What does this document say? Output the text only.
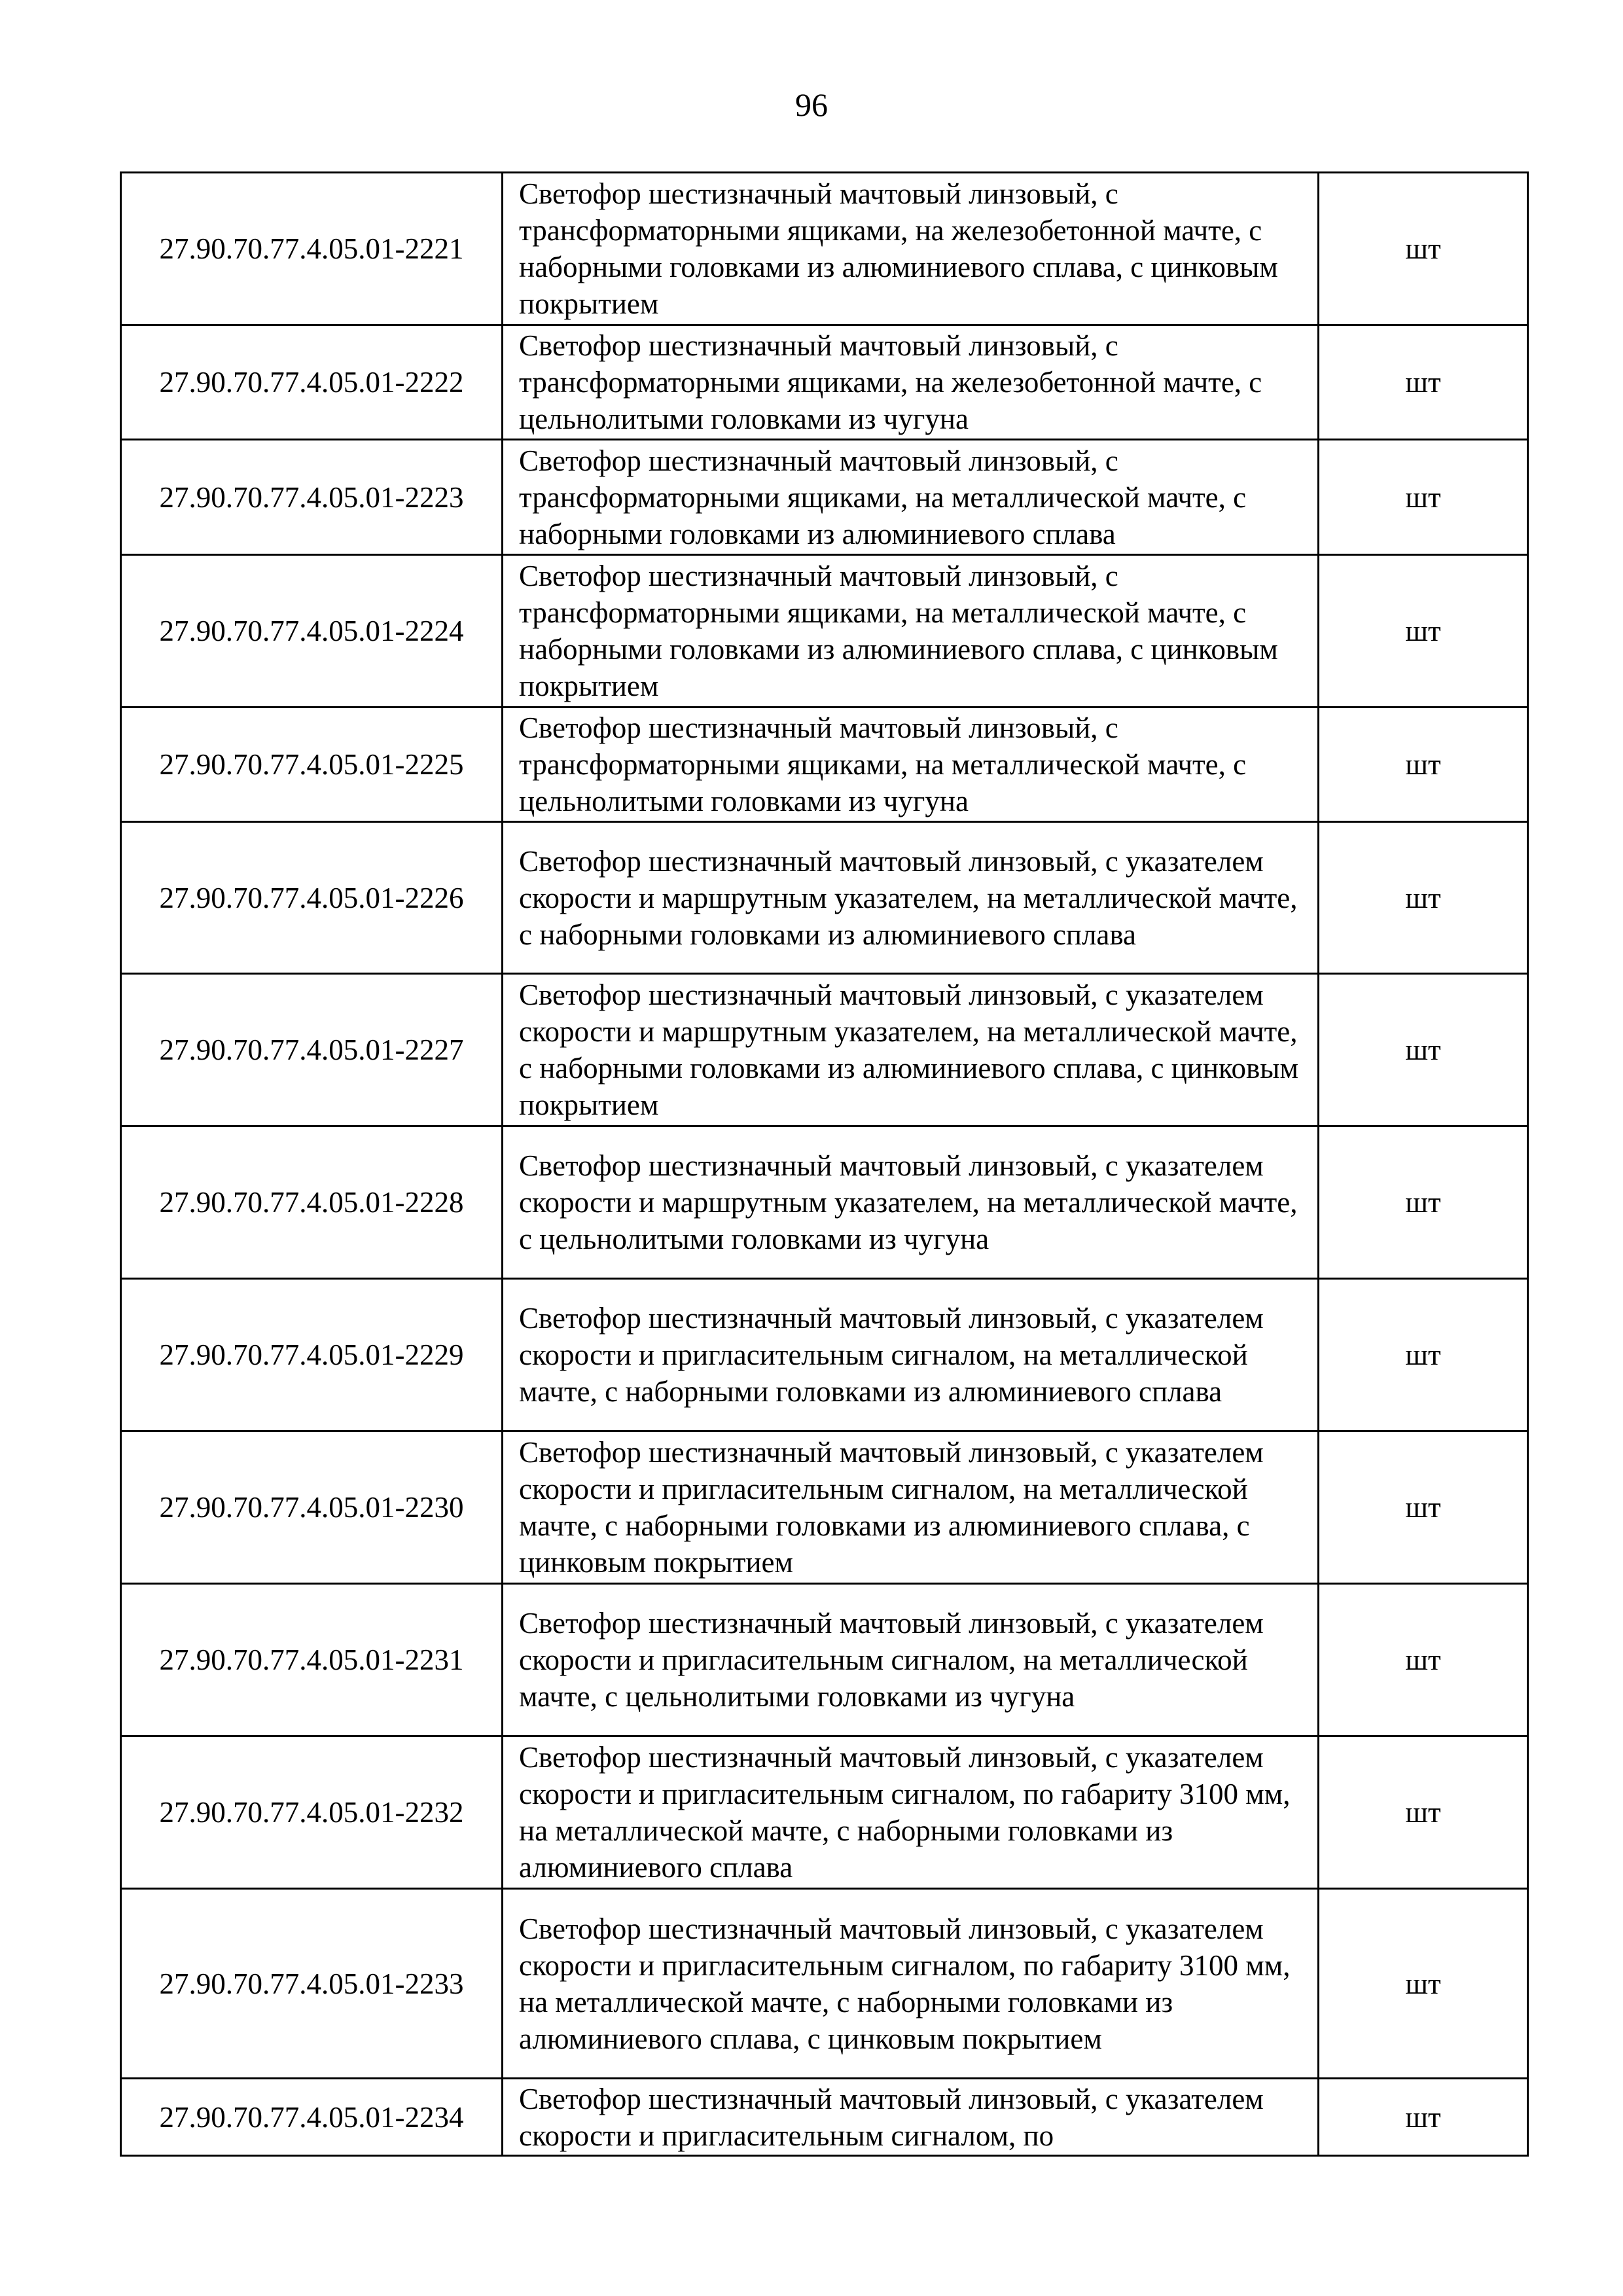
96
27.90.70.77.4.05.01-2221	Светофор шестизначный мачтовый линзовый, с трансформаторными ящиками, на железобетонной мачте, с наборными головками из алюминиевого сплава, с цинковым покрытием	шт
27.90.70.77.4.05.01-2222	Светофор шестизначный мачтовый линзовый, с трансформаторными ящиками, на железобетонной мачте, с цельнолитыми головками из чугуна	шт
27.90.70.77.4.05.01-2223	Светофор шестизначный мачтовый линзовый, с трансформаторными ящиками, на металлической мачте, с наборными головками из алюминиевого сплава	шт
27.90.70.77.4.05.01-2224	Светофор шестизначный мачтовый линзовый, с трансформаторными ящиками, на металлической мачте, с наборными головками из алюминиевого сплава, с цинковым покрытием	шт
27.90.70.77.4.05.01-2225	Светофор шестизначный мачтовый линзовый, с трансформаторными ящиками, на металлической мачте, с цельнолитыми головками из чугуна	шт
27.90.70.77.4.05.01-2226	Светофор шестизначный мачтовый линзовый, с указателем скорости и маршрутным указателем, на металлической мачте, с наборными головками из алюминиевого сплава	шт
27.90.70.77.4.05.01-2227	Светофор шестизначный мачтовый линзовый, с указателем скорости и маршрутным указателем, на металлической мачте, с наборными головками из алюминиевого сплава, с цинковым покрытием	шт
27.90.70.77.4.05.01-2228	Светофор шестизначный мачтовый линзовый, с указателем скорости и маршрутным указателем, на металлической мачте, с цельнолитыми головками из чугуна	шт
27.90.70.77.4.05.01-2229	Светофор шестизначный мачтовый линзовый, с указателем скорости и пригласительным сигналом, на металлической мачте, с наборными головками из алюминиевого сплава	шт
27.90.70.77.4.05.01-2230	Светофор шестизначный мачтовый линзовый, с указателем скорости и пригласительным сигналом, на металлической мачте, с наборными головками из алюминиевого сплава, с цинковым покрытием	шт
27.90.70.77.4.05.01-2231	Светофор шестизначный мачтовый линзовый, с указателем скорости и пригласительным сигналом, на металлической мачте, с цельнолитыми головками из чугуна	шт
27.90.70.77.4.05.01-2232	Светофор шестизначный мачтовый линзовый, с указателем скорости и пригласительным сигналом, по габариту 3100 мм, на металлической мачте, с наборными головками из алюминиевого сплава	шт
27.90.70.77.4.05.01-2233	Светофор шестизначный мачтовый линзовый, с указателем скорости и пригласительным сигналом, по габариту 3100 мм, на металлической мачте, с наборными головками из алюминиевого сплава, с цинковым покрытием	шт
27.90.70.77.4.05.01-2234	Светофор шестизначный мачтовый линзовый, с указателем скорости и пригласительным сигналом, по	шт
